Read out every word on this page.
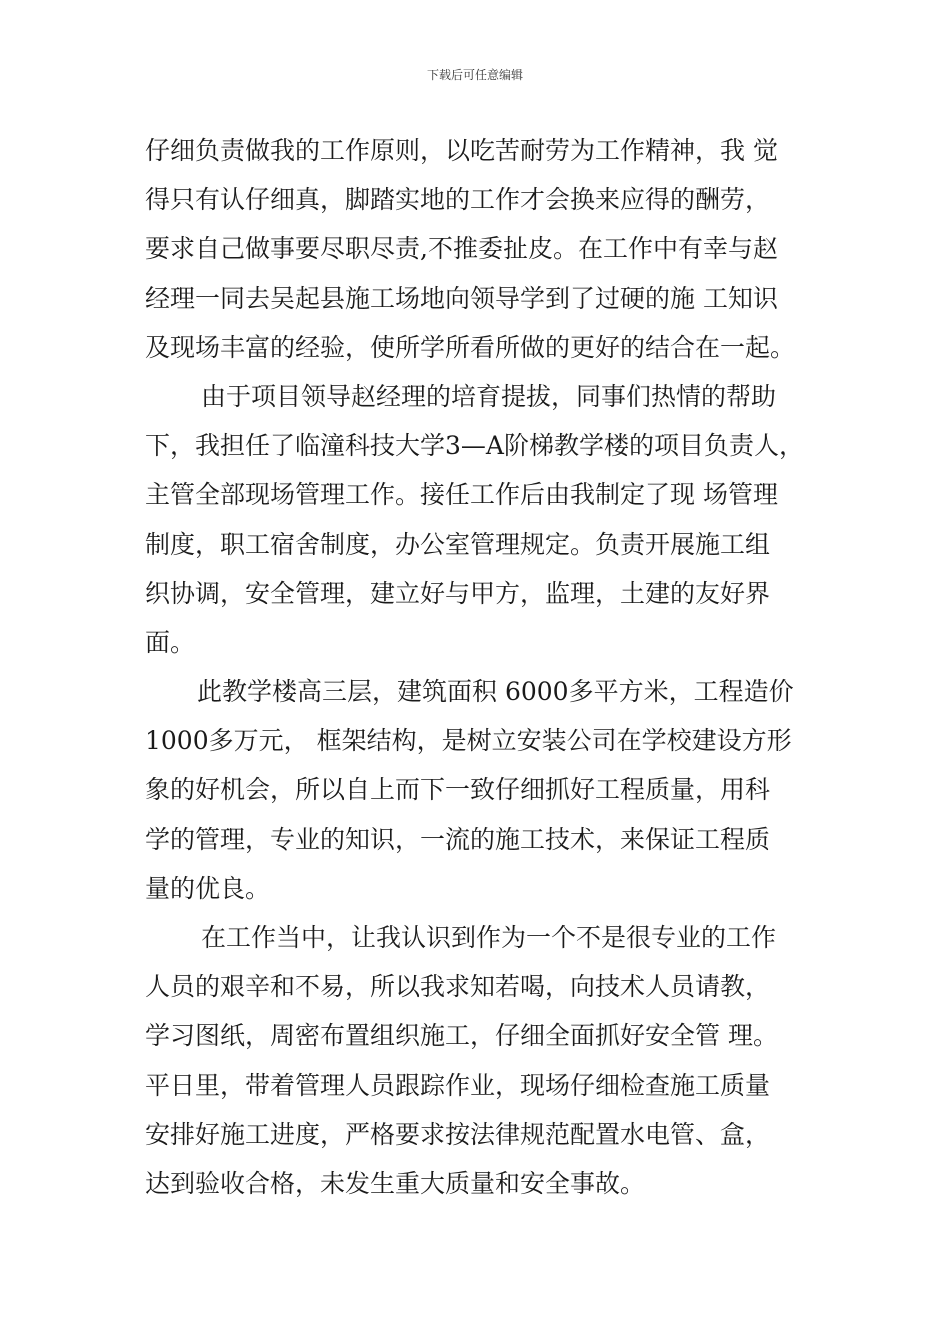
下载后可任意编辑
仔细负责做我的工作原则，以吃苦耐劳为工作精神，我 觉
得只有认仔细真，脚踏实地的工作才会换来应得的酬劳，
要求自己做事要尽职尽责,不推委扯皮。在工作中有幸与赵
经理一同去吴起县施工场地向领导学到了过硬的施 工知识
及现场丰富的经验，使所学所看所做的更好的结合在一起。
由于项目领导赵经理的培育提拔，同事们热情的帮助
下，我担任了临潼科技大学3—A阶梯教学楼的项目负责人，
主管全部现场管理工作。接任工作后由我制定了现 场管理
制度，职工宿舍制度，办公室管理规定。负责开展施工组
织协调，安全管理，建立好与甲方，监理，土建的友好界
面。
此教学楼高三层，建筑面积 6000多平方米，工程造价
1000多万元， 框架结构，是树立安装公司在学校建设方形
象的好机会，所以自上而下一致仔细抓好工程质量，用科
学的管理，专业的知识，一流的施工技术，来保证工程质
量的优良。
在工作当中，让我认识到作为一个不是很专业的工作
人员的艰辛和不易，所以我求知若喝，向技术人员请教，
学习图纸，周密布置组织施工，仔细全面抓好安全管 理。
平日里，带着管理人员跟踪作业，现场仔细检查施工质量
安排好施工进度，严格要求按法律规范配置水电管、盒，
达到验收合格，未发生重大质量和安全事故。
